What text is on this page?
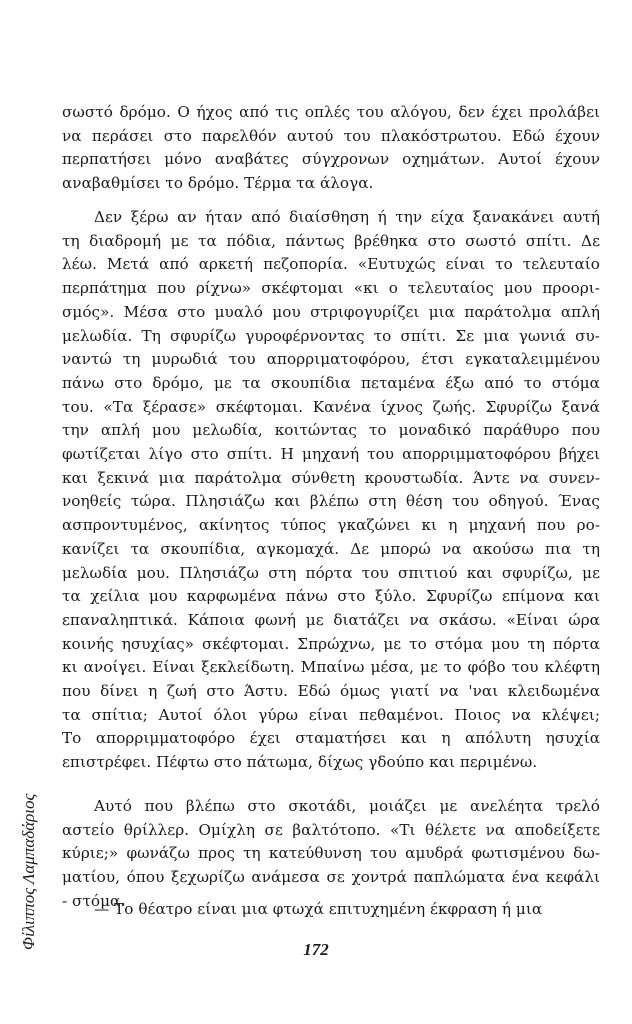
Φίλιππος Λαμπαδάριος
σωστό δρόμο. Ο ήχος από τις οπλές του αλόγου, δεν έχει προλάβει
να περάσει στο παρελθόν αυτού του πλακόστρωτου. Εδώ έχουν
περπατήσει μόνο αναβάτες σύγχρονων οχημάτων. Αυτοί έχουν
αναβαθμίσει το δρόμο. Τέρμα τα άλογα.
Δεν ξέρω αν ήταν από διαίσθηση ή την είχα ξανακάνει αυτή
τη διαδρομή με τα πόδια, πάντως βρέθηκα στο σωστό σπίτι. Δε
λέω. Μετά από αρκετή πεζοπορία. «Ευτυχώς είναι το τελευταίο
περπάτημα που ρίχνω» σκέφτομαι «κι ο τελευταίος μου προορι-
σμός». Μέσα στο μυαλό μου στριφογυρίζει μια παράτολμα απλή
μελωδία. Τη σφυρίζω γυροφέρνοντας το σπίτι. Σε μια γωνιά συ-
ναντώ τη μυρωδιά του απορριματοφόρου, έτσι εγκαταλειμμένου
πάνω στο δρόμο, με τα σκουπίδια πεταμένα έξω από το στόμα
του. «Τα ξέρασε» σκέφτομαι. Κανένα ίχνος ζωής. Σφυρίζω ξανά
την απλή μου μελωδία, κοιτώντας το μοναδικό παράθυρο που
φωτίζεται λίγο στο σπίτι. Η μηχανή του απορριμματοφόρου βήχει
και ξεκινά μια παράτολμα σύνθετη κρουστωδία. Άντε να συνεν-
νοηθείς τώρα. Πλησιάζω και βλέπω στη θέση του οδηγού. Ένας
ασπροντυμένος, ακίνητος τύπος γκαζώνει κι η μηχανή που ρο-
κανίζει τα σκουπίδια, αγκομαχά. Δε μπορώ να ακούσω πια τη
μελωδία μου. Πλησιάζω στη πόρτα του σπιτιού και σφυρίζω, με
τα χείλια μου καρφωμένα πάνω στο ξύλο. Σφυρίζω επίμονα και
επαναληπτικά. Κάποια φωνή με διατάζει να σκάσω. «Είναι ώρα
κοινής ησυχίας» σκέφτομαι. Σπρώχνω, με το στόμα μου τη πόρτα
κι ανοίγει. Είναι ξεκλείδωτη. Μπαίνω μέσα, με το φόβο του κλέφτη
που δίνει η ζωή στο Άστυ. Εδώ όμως γιατί να 'ναι κλειδωμένα
τα σπίτια; Αυτοί όλοι γύρω είναι πεθαμένοι. Ποιος να κλέψει;
Το απορριμματοφόρο έχει σταματήσει και η απόλυτη ησυχία
επιστρέφει. Πέφτω στο πάτωμα, δίχως γδούπο και περιμένω.
Αυτό που βλέπω στο σκοτάδι, μοιάζει με ανελέητα τρελό
αστείο θρίλλερ. Ομίχλη σε βαλτότοπο. «Τι θέλετε να αποδείξετε
κύριε;» φωνάζω προς τη κατεύθυνση του αμυδρά φωτισμένου δω-
ματίου, όπου ξεχωρίζω ανάμεσα σε χοντρά παπλώματα ένα κεφάλι
- στόμα.
— Το θέατρο είναι μια φτωχά επιτυχημένη έκφραση ή μια
172
